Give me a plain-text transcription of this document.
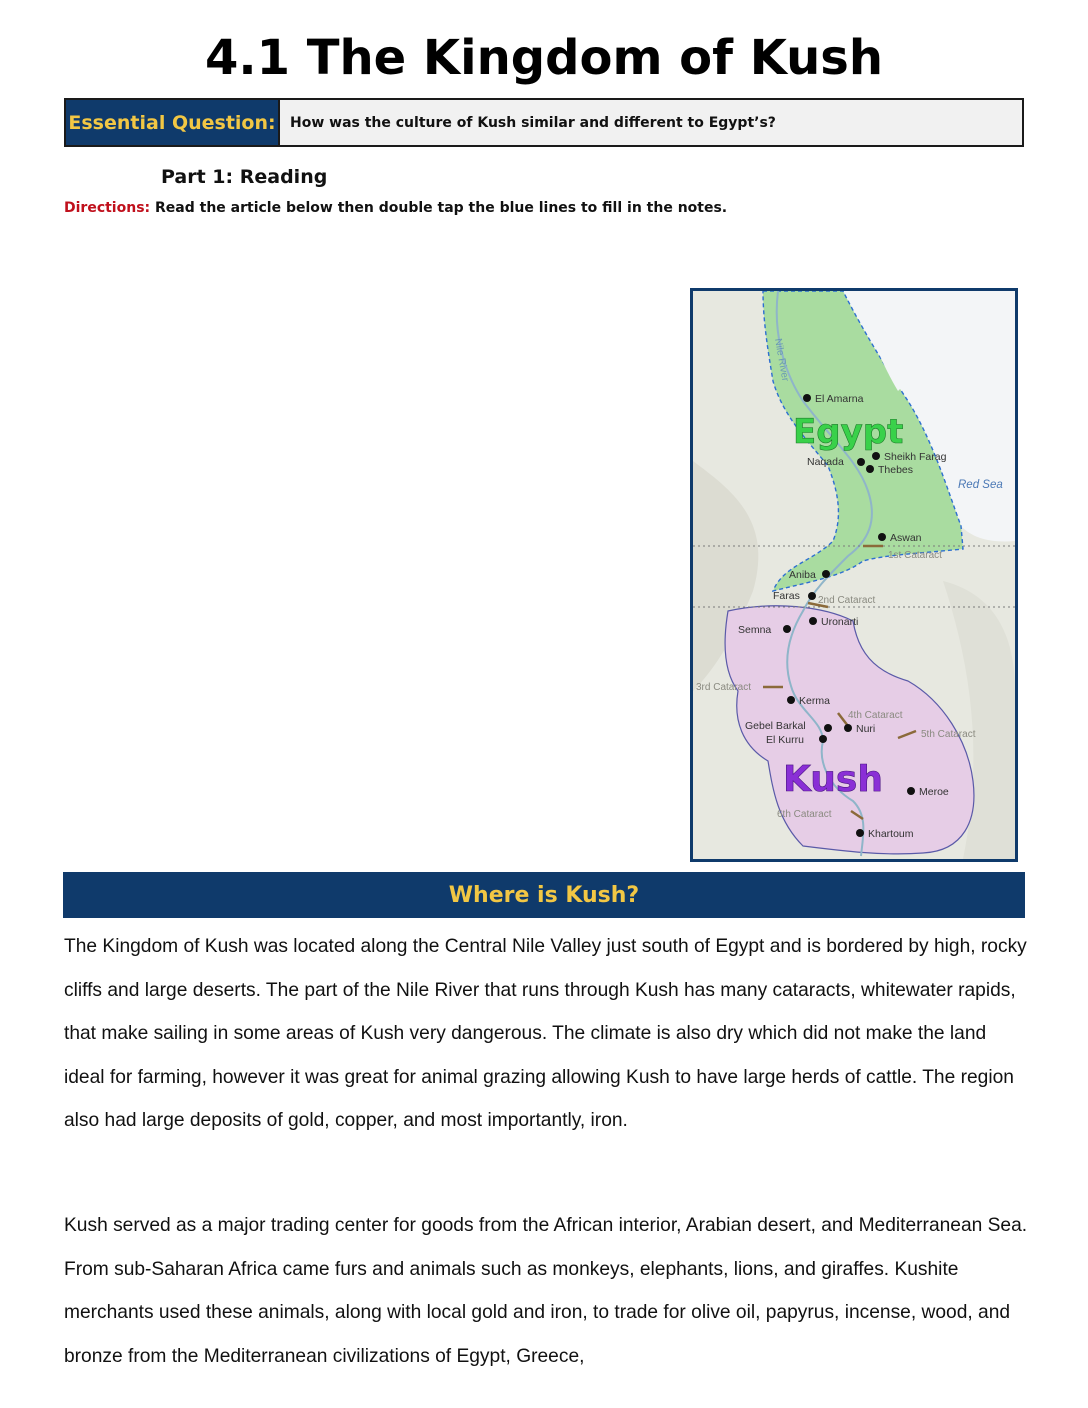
4.1 The Kingdom of Kush
Essential Question:	How was the culture of Kush similar and different to Egypt’s?
Part 1: Reading
Directions: Read the article below then double tap the blue lines to fill in the notes.
El Amarna
Naqada	Sheikh Farag
Thebes
Aswan
Aniba
Faras
Uronarti
Semna
Kerma
Gebel Barkal
El Kurru
Nuri
Meroe
Khartoum
1st Cataract
2nd Cataract
3rd Cataract
4th Cataract
5th Cataract
6th Cataract
Red Sea
Nile River
Egypt
Kush
Where is Kush?

The Kingdom of Kush was located along the Central Nile Valley just south of Egypt and is bordered by high, rocky cliffs and large deserts. The part of the Nile River that runs through Kush has many cataracts, whitewater rapids, that make sailing in some areas of Kush very dangerous. The climate is also dry which did not make the land ideal for farming, however it was great for animal grazing allowing Kush to have large herds of cattle. The region also had large deposits of gold, copper, and most importantly, iron.

Kush served as a major trading center for goods from the African interior, Arabian desert, and Mediterranean Sea. From sub-Saharan Africa came furs and animals such as monkeys, elephants, lions, and giraffes. Kushite merchants used these animals, along with local gold and iron, to trade for olive oil, papyrus, incense, wood, and bronze from the Mediterranean civilizations of Egypt, Greece,
